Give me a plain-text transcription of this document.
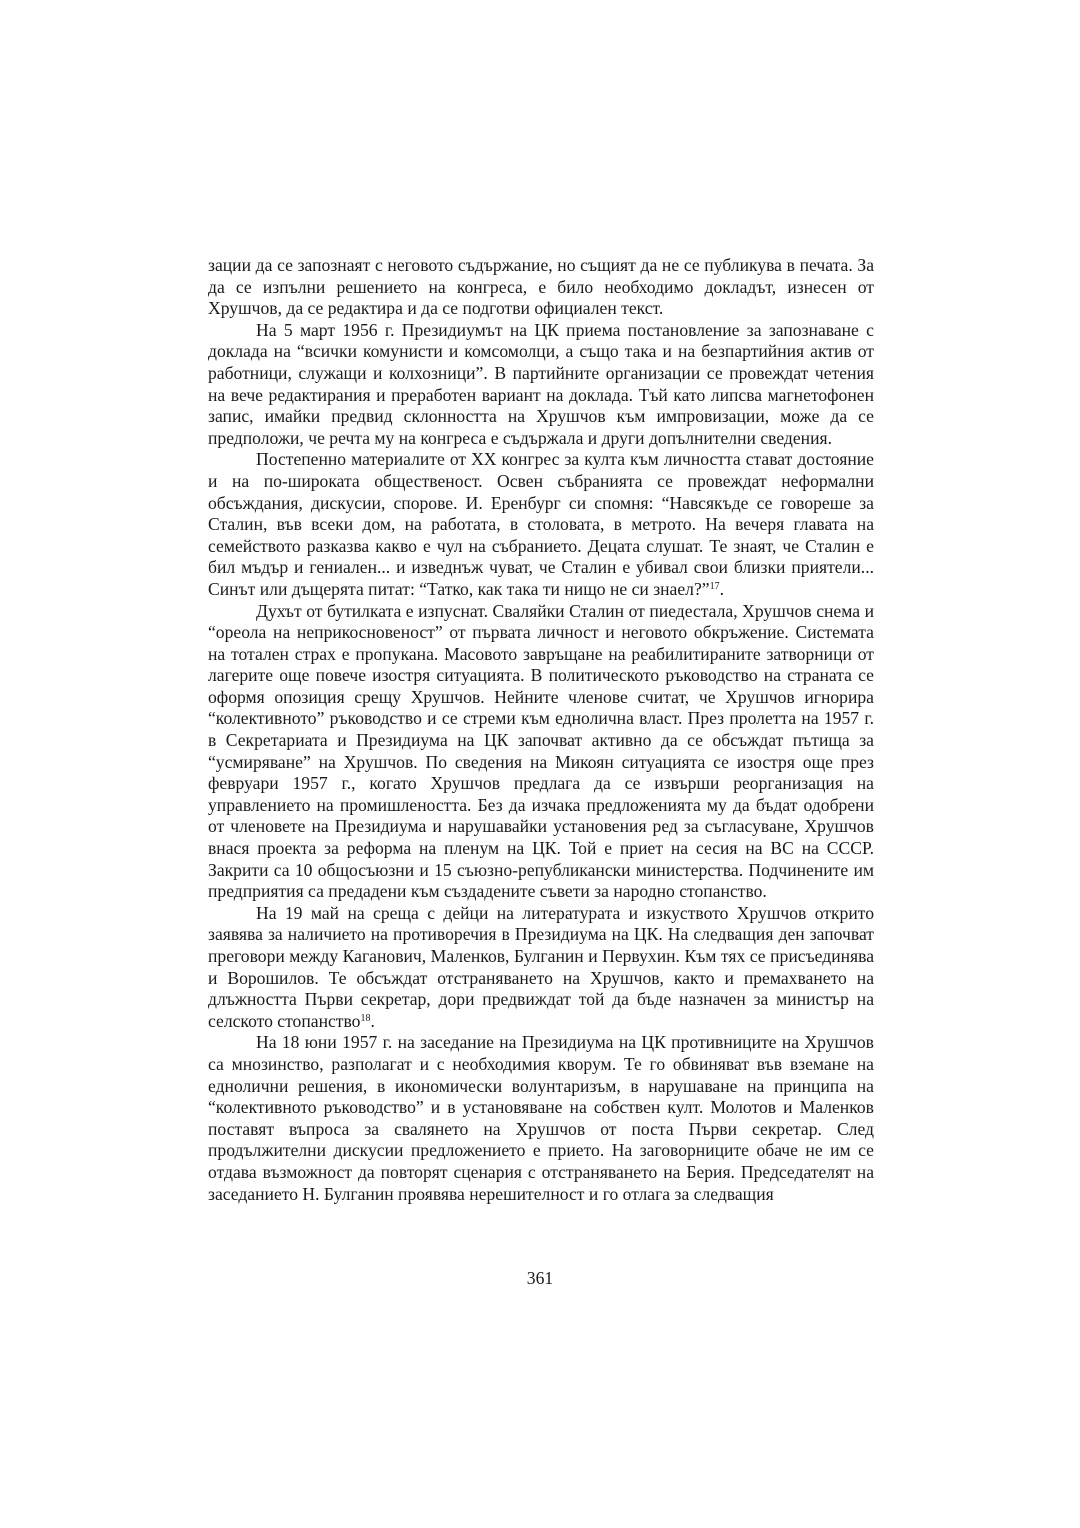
зации да се запознаят с неговото съдържание, но същият да не се публикува в печата. За да се изпълни решението на конгреса, е било необходимо докладът, изнесен от Хрушчов, да се редактира и да се подготви официален текст.

На 5 март 1956 г. Президиумът на ЦК приема постановление за запознаване с доклада на “всички комунисти и комсомолци, а също така и на безпартийния актив от работници, служащи и колхозници”. В партийните организации се провеждат четения на вече редактирания и преработен вариант на доклада. Тъй като липсва магнетофонен запис, имайки предвид склонността на Хрушчов към импровизации, може да се предположи, че речта му на конгреса е съдържала и други допълнителни сведения.

Постепенно материалите от ХХ конгрес за култа към личността стават достояние и на по-широката общественост. Освен събранията се провеждат неформални обсъждания, дискусии, спорове. И. Еренбург си спомня: “Навсякъде се говореше за Сталин, във всеки дом, на работата, в столовата, в метрото. На вечеря главата на семейството разказва какво е чул на събранието. Децата слушат. Те знаят, че Сталин е бил мъдър и гениален... и изведнъж чуват, че Сталин е убивал свои близки приятели... Синът или дъщерята питат: “Татко, как така ти нищо не си знаел?”$^{17}$.

Духът от бутилката е изпуснат. Сваляйки Сталин от пиедестала, Хрушчов снема и “ореола на неприкосновеност” от първата личност и неговото обкръжение. Системата на тотален страх е пропукана. Масовото завръщане на реабилитираните затворници от лагерите още повече изостря ситуацията. В политическото ръководство на страната се оформя опозиция срещу Хрушчов. Нейните членове считат, че Хрушчов игнорира “колективното” ръководство и се стреми към еднолична власт. През пролетта на 1957 г. в Секретариата и Президиума на ЦК започват активно да се обсъждат пътища за “усмиряване” на Хрушчов. По сведения на Микоян ситуацията се изостря още през февруари 1957 г., когато Хрушчов предлага да се извърши реорганизация на управлението на промишлеността. Без да изчака предложенията му да бъдат одобрени от членовете на Президиума и нарушавайки установения ред за съгласуване, Хрушчов внася проекта за реформа на пленум на ЦК. Той е приет на сесия на ВС на СССР. Закрити са 10 общосъюзни и 15 съюзно-републикански министерства. Подчинените им предприятия са предадени към създадените съвети за народно стопанство.

На 19 май на среща с дейци на литературата и изкуството Хрушчов открито заявява за наличието на противоречия в Президиума на ЦК. На следващия ден започват преговори между Каганович, Маленков, Булганин и Первухин. Към тях се присъединява и Ворошилов. Те обсъждат отстраняването на Хрушчов, както и премахването на длъжността Първи секретар, дори предвиждат той да бъде назначен за министър на селското стопанство$^{18}$.

На 18 юни 1957 г. на заседание на Президиума на ЦК противниците на Хрушчов са мнозинство, разполагат и с необходимия кворум. Те го обвиняват във вземане на еднолични решения, в икономически волунтаризъм, в нарушаване на принципа на “колективното ръководство” и в установяване на собствен култ. Молотов и Маленков поставят въпроса за свалянето на Хрушчов от поста Първи секретар. След продължителни дискусии предложението е прието. На заговорниците обаче не им се отдава възможност да повторят сценария с отстраняването на Берия. Председателят на заседанието Н. Булганин проявява нерешителност и го отлага за следващия

361
